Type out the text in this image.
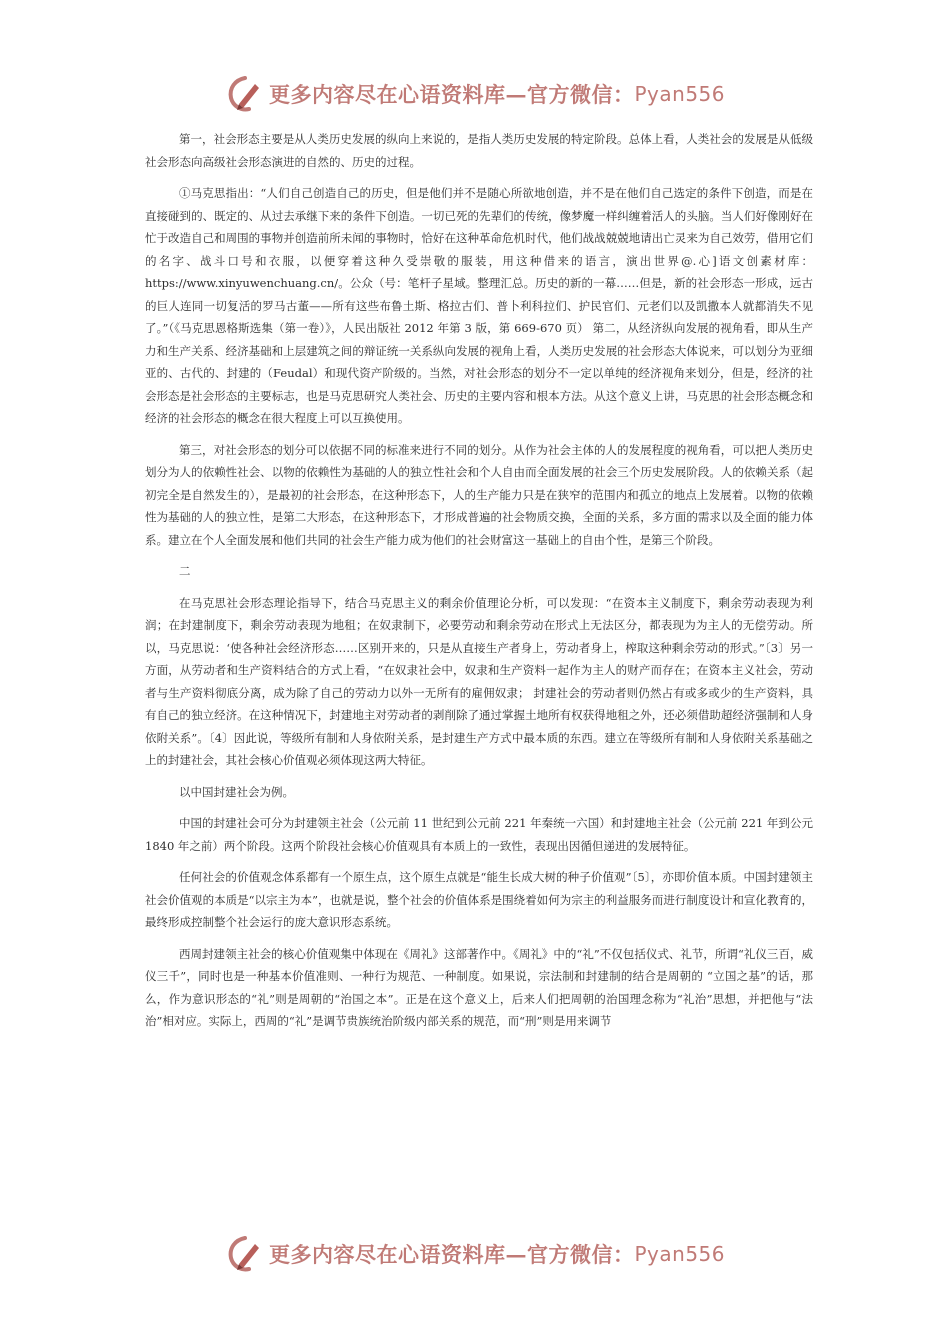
更多内容尽在心语资料库—官方微信： Pyan556

第一，社会形态主要是从人类历史发展的纵向上来说的，是指人类历史发展的特定阶段。总体上看，人类社会的发展是从低级社会形态向高级社会形态演进的自然的、历史的过程。

①马克思指出：“人们自己创造自己的历史，但是他们并不是随心所欲地创造，并不是在他们自己选定的条件下创造，而是在直接碰到的、既定的、从过去承继下来的条件下创造。一切已死的先辈们的传统，像梦魔一样纠缠着活人的头脑。当人们好像刚好在忙于改造自己和周围的事物并创造前所未闻的事物时，恰好在这种革命危机时代，他们战战兢兢地请出亡灵来为自己效劳，借用它们的名字、战斗口号和衣服，以便穿着这种久受崇敬的服装，用这种借来的语言，演出世界@.心]语文创素材库：https://www.xinyuwenchuang.cn/。公众（号：笔杆子星域。整理汇总。历史的新的一幕……但是，新的社会形态一形成，远古的巨人连同一切复活的罗马古董——所有这些布鲁土斯、格拉古们、普卜利科拉们、护民官们、元老们以及凯撒本人就都消失不见了。”（《马克思恩格斯选集（第一卷）》，人民出版社 2012 年第 3 版，第 669-670 页） 第二，从经济纵向发展的视角看，即从生产力和生产关系、经济基础和上层建筑之间的辩证统一关系纵向发展的视角上看，人类历史发展的社会形态大体说来，可以划分为亚细亚的、古代的、封建的（Feudal）和现代资产阶级的。当然，对社会形态的划分不一定以单纯的经济视角来划分，但是，经济的社会形态是社会形态的主要标志，也是马克思研究人类社会、历史的主要内容和根本方法。从这个意义上讲，马克思的社会形态概念和经济的社会形态的概念在很大程度上可以互换使用。

第三，对社会形态的划分可以依据不同的标准来进行不同的划分。从作为社会主体的人的发展程度的视角看，可以把人类历史划分为人的依赖性社会、以物的依赖性为基础的人的独立性社会和个人自由而全面发展的社会三个历史发展阶段。人的依赖关系（起初完全是自然发生的），是最初的社会形态，在这种形态下，人的生产能力只是在狭窄的范围内和孤立的地点上发展着。以物的依赖性为基础的人的独立性，是第二大形态，在这种形态下，才形成普遍的社会物质交换，全面的关系，多方面的需求以及全面的能力体系。建立在个人全面发展和他们共同的社会生产能力成为他们的社会财富这一基础上的自由个性，是第三个阶段。

二

在马克思社会形态理论指导下，结合马克思主义的剩余价值理论分析，可以发现：“在资本主义制度下，剩余劳动表现为利润；在封建制度下，剩余劳动表现为地租；在奴隶制下，必要劳动和剩余劳动在形式上无法区分，都表现为为主人的无偿劳动。所以，马克思说：‘使各种社会经济形态……区别开来的，只是从直接生产者身上，劳动者身上，榨取这种剩余劳动的形式。”〔3〕另一方面，从劳动者和生产资料结合的方式上看，“在奴隶社会中，奴隶和生产资料一起作为主人的财产而存在；在资本主义社会，劳动者与生产资料彻底分离，成为除了自己的劳动力以外一无所有的雇佣奴隶； 封建社会的劳动者则仍然占有或多或少的生产资料，具有自己的独立经济。在这种情况下，封建地主对劳动者的剥削除了通过掌握土地所有权获得地租之外，还必须借助超经济强制和人身依附关系”。〔4〕因此说，等级所有制和人身依附关系，是封建生产方式中最本质的东西。建立在等级所有制和人身依附关系基础之上的封建社会，其社会核心价值观必须体现这两大特征。

以中国封建社会为例。

中国的封建社会可分为封建领主社会（公元前 11 世纪到公元前 221 年秦统一六国）和封建地主社会（公元前 221 年到公元 1840 年之前）两个阶段。这两个阶段社会核心价值观具有本质上的一致性，表现出因循但递进的发展特征。

任何社会的价值观念体系都有一个原生点，这个原生点就是“能生长成大树的种子价值观”〔5〕，亦即价值本质。中国封建领主社会价值观的本质是“以宗主为本”，也就是说，整个社会的价值体系是围绕着如何为宗主的利益服务而进行制度设计和宣化教育的，最终形成控制整个社会运行的庞大意识形态系统。

西周封建领主社会的核心价值观集中体现在《周礼》这部著作中。《周礼》中的“礼”不仅包括仪式、礼节，所谓“礼仪三百，威仪三千”，同时也是一种基本价值准则、一种行为规范、一种制度。如果说，宗法制和封建制的结合是周朝的 “立国之基”的话，那么，作为意识形态的“礼”则是周朝的“治国之本”。正是在这个意义上，后来人们把周朝的治国理念称为“礼治”思想，并把他与“法治”相对应。实际上，西周的“礼”是调节贵族统治阶级内部关系的规范，而“刑”则是用来调节

更多内容尽在心语资料库—官方微信： Pyan556
